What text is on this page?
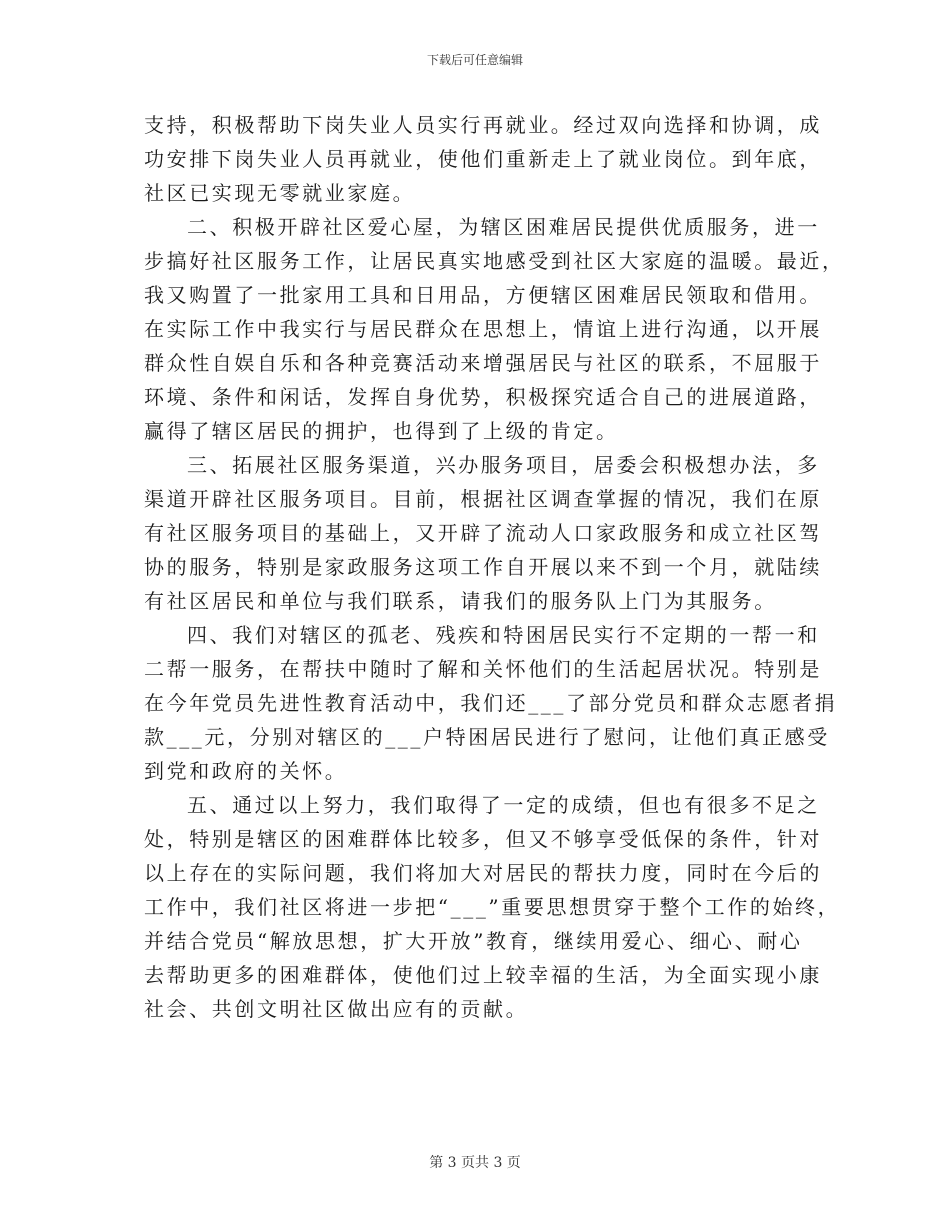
下载后可任意编辑
支持，积极帮助下岗失业人员实行再就业。经过双向选择和协调，成
功安排下岗失业人员再就业，使他们重新走上了就业岗位。到年底，
社区已实现无零就业家庭。
二、积极开辟社区爱心屋，为辖区困难居民提供优质服务，进一
步搞好社区服务工作，让居民真实地感受到社区大家庭的温暖。最近，
我又购置了一批家用工具和日用品，方便辖区困难居民领取和借用。
在实际工作中我实行与居民群众在思想上，情谊上进行沟通，以开展
群众性自娱自乐和各种竞赛活动来增强居民与社区的联系，不屈服于
环境、条件和闲话，发挥自身优势，积极探究适合自己的进展道路，
赢得了辖区居民的拥护，也得到了上级的肯定。
三、拓展社区服务渠道，兴办服务项目，居委会积极想办法，多
渠道开辟社区服务项目。目前，根据社区调查掌握的情况，我们在原
有社区服务项目的基础上，又开辟了流动人口家政服务和成立社区驾
协的服务，特别是家政服务这项工作自开展以来不到一个月，就陆续
有社区居民和单位与我们联系，请我们的服务队上门为其服务。
四、我们对辖区的孤老、残疾和特困居民实行不定期的一帮一和
二帮一服务，在帮扶中随时了解和关怀他们的生活起居状况。特别是
在今年党员先进性教育活动中，我们还___了部分党员和群众志愿者捐
款___元，分别对辖区的___户特困居民进行了慰问，让他们真正感受
到党和政府的关怀。
五、通过以上努力，我们取得了一定的成绩，但也有很多不足之
处，特别是辖区的困难群体比较多，但又不够享受低保的条件，针对
以上存在的实际问题，我们将加大对居民的帮扶力度，同时在今后的
工作中，我们社区将进一步把“___”重要思想贯穿于整个工作的始终，
并结合党员“解放思想，扩大开放”教育，继续用爱心、细心、耐心
去帮助更多的困难群体，使他们过上较幸福的生活，为全面实现小康
社会、共创文明社区做出应有的贡献。
第 3 页共 3 页
